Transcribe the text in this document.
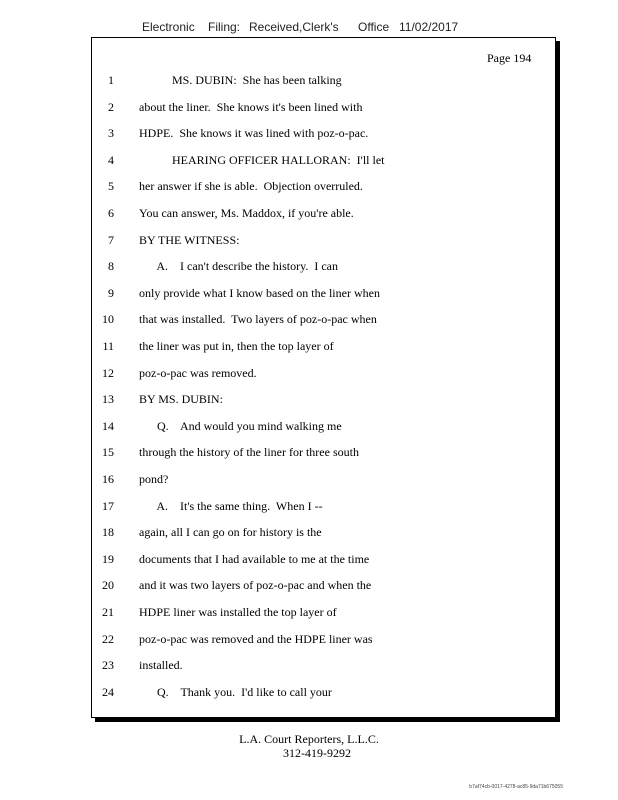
Electronic Filing: Received,Clerk's Office 11/02/2017
Page 194
1 MS. DUBIN:  She has been talking
2 about the liner.  She knows it's been lined with
3 HDPE.  She knows it was lined with poz-o-pac.
4 HEARING OFFICER HALLORAN:  I'll let
5 her answer if she is able.  Objection overruled.
6 You can answer, Ms. Maddox, if you're able.
7 BY THE WITNESS:
8 A.    I can't describe the history.  I can
9 only provide what I know based on the liner when
10 that was installed.  Two layers of poz-o-pac when
11 the liner was put in, then the top layer of
12 poz-o-pac was removed.
13 BY MS. DUBIN:
14 Q.    And would you mind walking me
15 through the history of the liner for three south
16 pond?
17 A.    It's the same thing.  When I --
18 again, all I can go on for history is the
19 documents that I had available to me at the time
20 and it was two layers of poz-o-pac and when the
21 HDPE liner was installed the top layer of
22 poz-o-pac was removed and the HDPE liner was
23 installed.
24 Q.    Thank you.  I'd like to call your
L.A. Court Reporters, L.L.C.
312-419-9292
b7af74cb-0017-4278-ac85-9da71b675055
